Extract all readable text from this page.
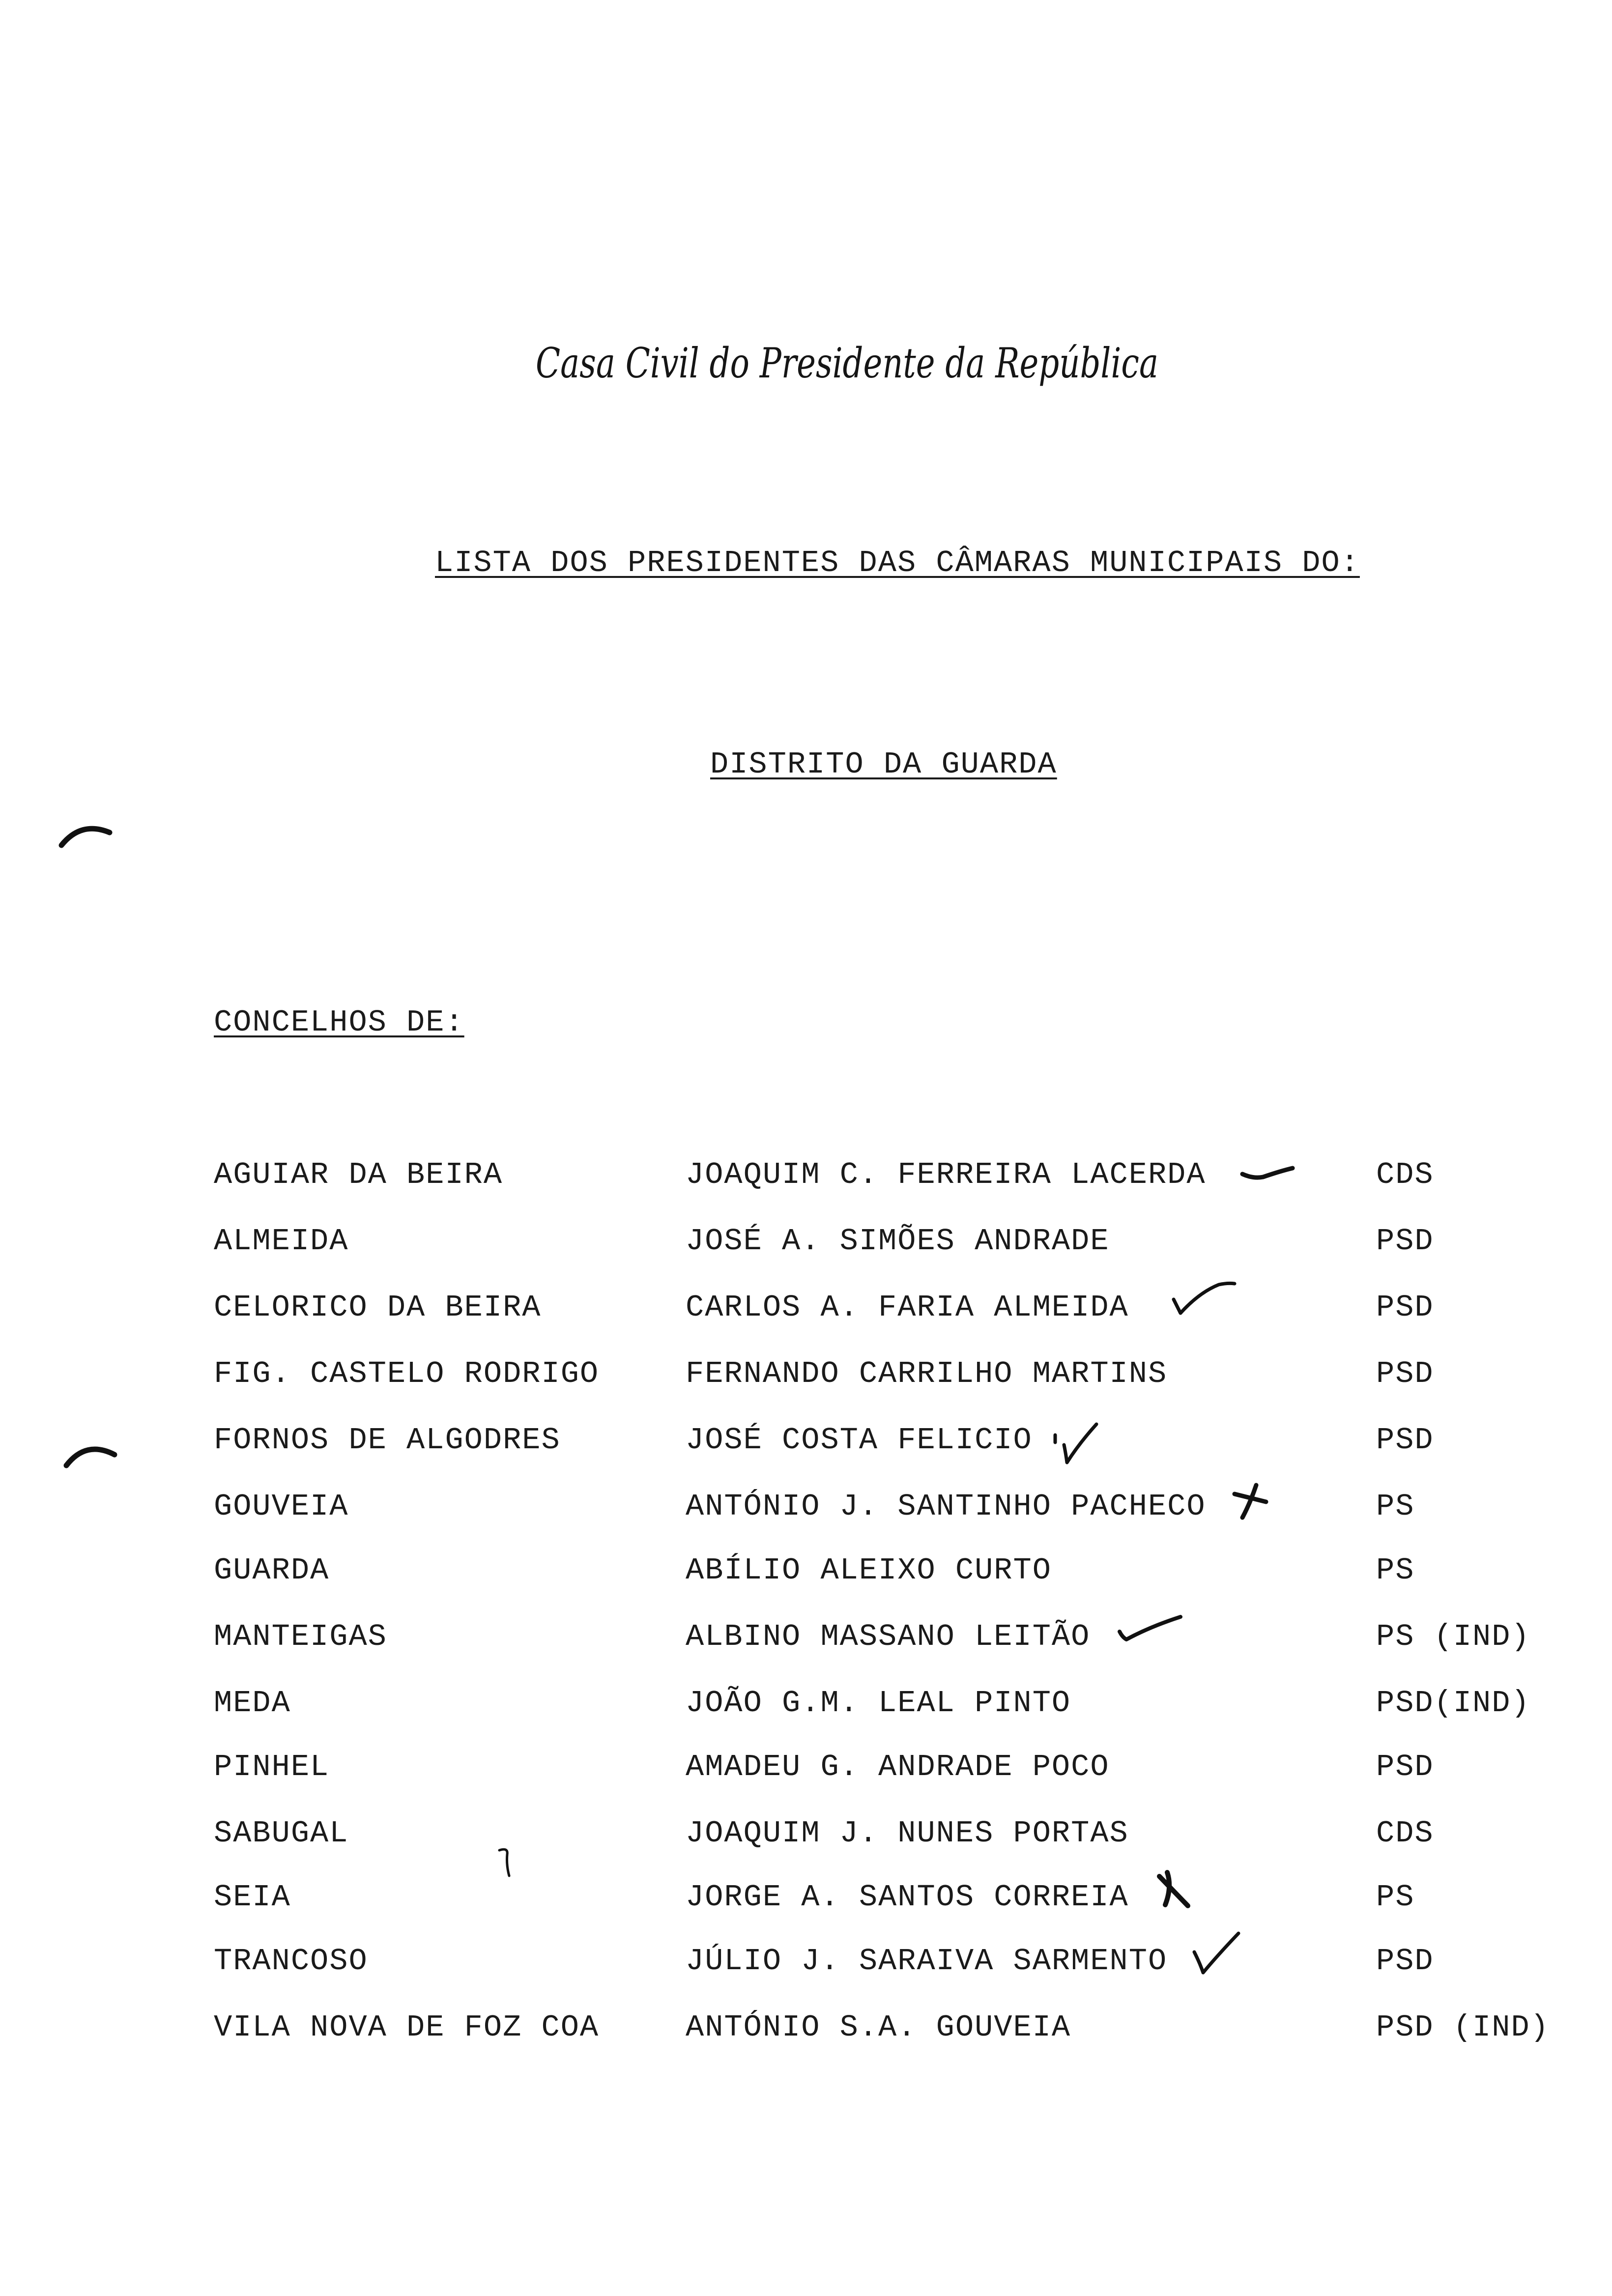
Casa Civil do Presidente da República
LISTA DOS PRESIDENTES DAS CÂMARAS MUNICIPAIS DO:
DISTRITO DA GUARDA
CONCELHOS DE:
AGUIAR DA BEIRA	JOAQUIM C. FERREIRA LACERDA	CDS
ALMEIDA	JOSÉ A. SIMÕES ANDRADE	PSD
CELORICO DA BEIRA	CARLOS A. FARIA ALMEIDA	PSD
FIG. CASTELO RODRIGO	FERNANDO CARRILHO MARTINS	PSD
FORNOS DE ALGODRES	JOSÉ COSTA FELICIO	PSD
GOUVEIA	ANTÓNIO J. SANTINHO PACHECO	PS
GUARDA	ABÍLIO ALEIXO CURTO	PS
MANTEIGAS	ALBINO MASSANO LEITÃO	PS (IND)
MEDA	JOÃO G.M. LEAL PINTO	PSD(IND)
PINHEL	AMADEU G. ANDRADE POCO	PSD
SABUGAL	JOAQUIM J. NUNES PORTAS	CDS
SEIA	JORGE A. SANTOS CORREIA	PS
TRANCOSO	JÚLIO J. SARAIVA SARMENTO	PSD
VILA NOVA DE FOZ COA	ANTÓNIO S.A. GOUVEIA	PSD (IND)
